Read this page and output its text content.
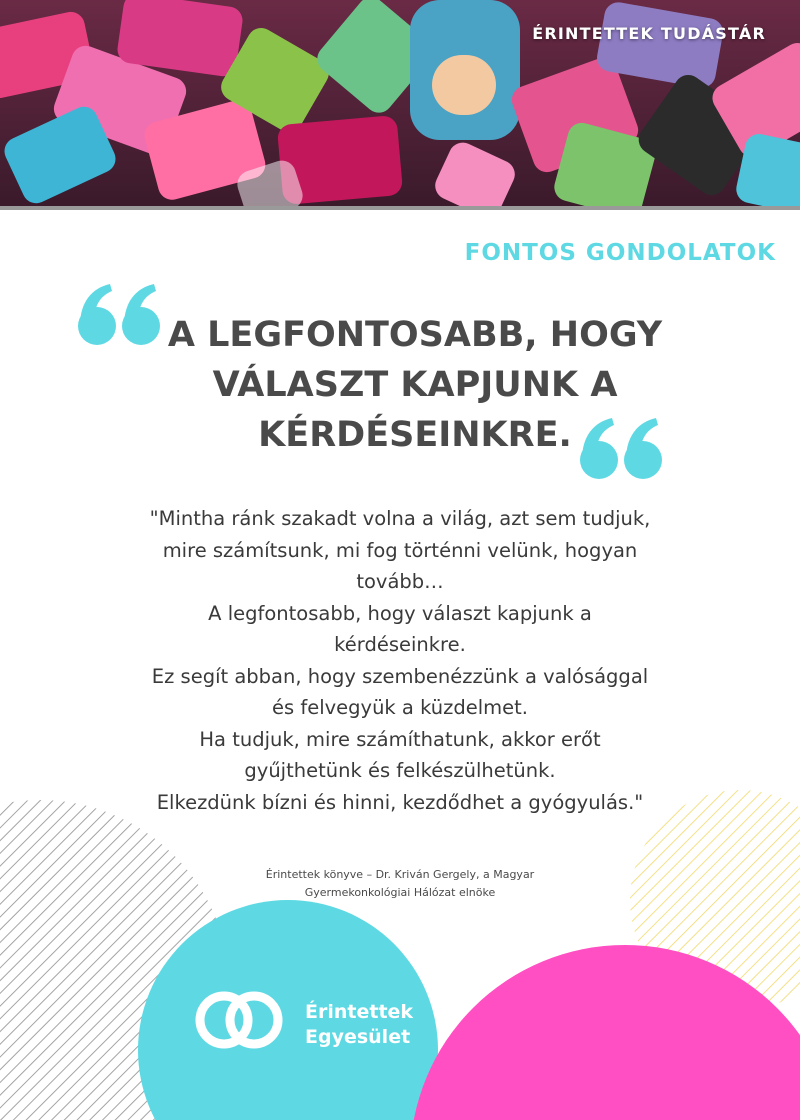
ÉRINTETTEK TUDÁSTÁR
FONTOS GONDOLATOK
A LEGFONTOSABB, HOGY
VÁLASZT KAPJUNK A
KÉRDÉSEINKRE.

"Mintha ránk szakadt volna a világ, azt sem tudjuk,

mire számítsunk, mi fog történni velünk, hogyan

tovább…

A legfontosabb, hogy választ kapjunk a

kérdéseinkre.

Ez segít abban, hogy szembenézzünk a valósággal

és felvegyük a küzdelmet.

Ha tudjuk, mire számíthatunk, akkor erőt

gyűjthetünk és felkészülhetünk.

Elkezdünk bízni és hinni, kezdődhet a gyógyulás."

Érintettek könyve – Dr. Kriván Gergely, a Magyar

Gyermekonkológiai Hálózat elnöke

Érintettek

Egyesület
